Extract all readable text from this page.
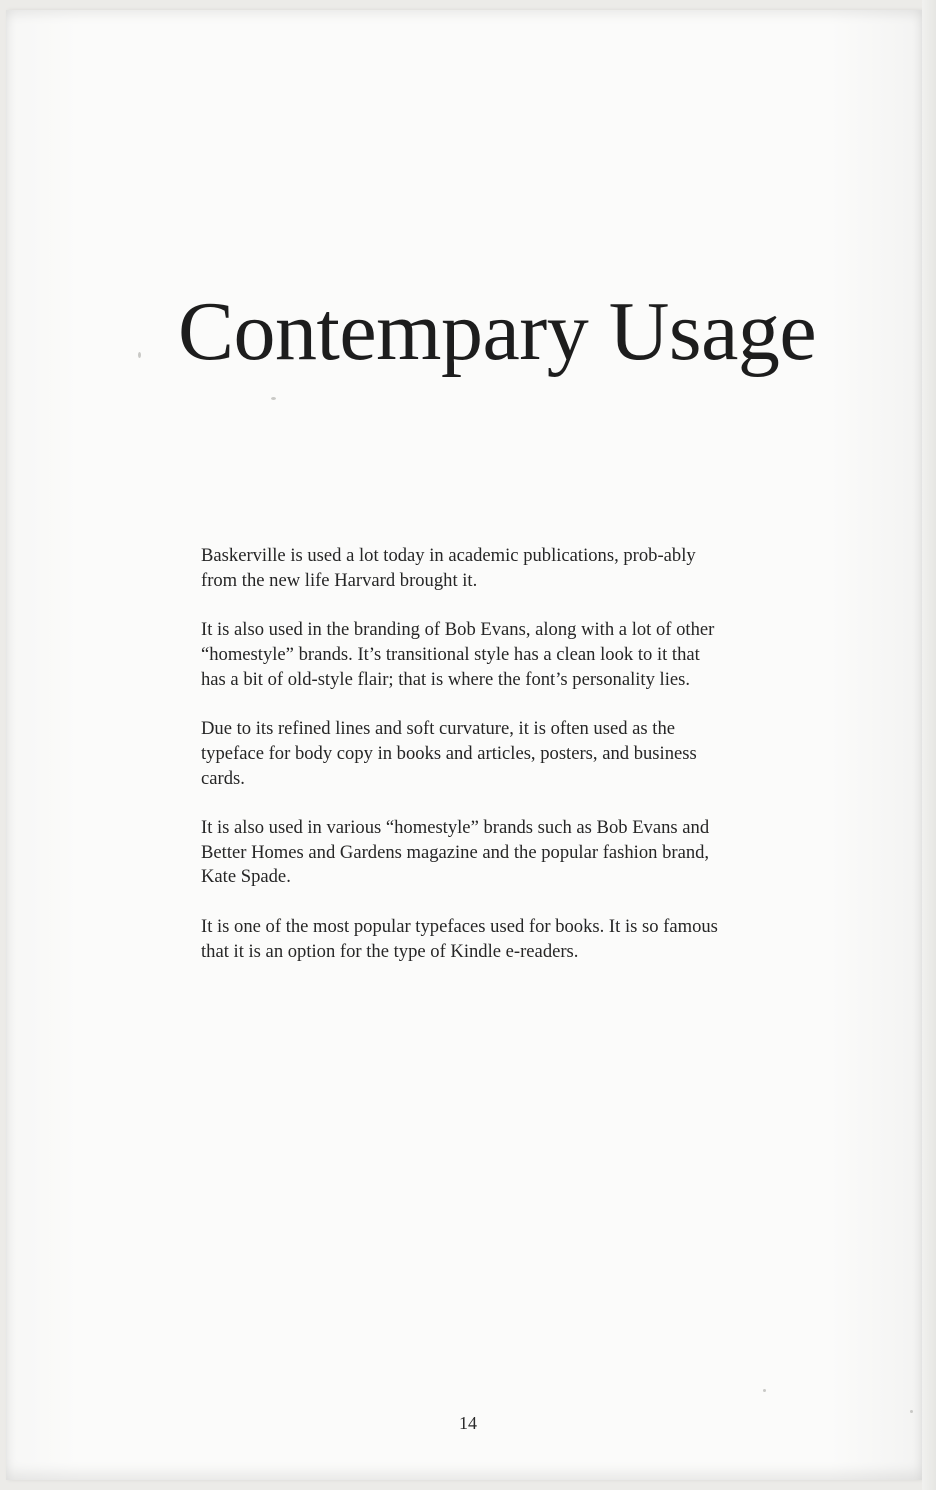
Contempary Usage

Baskerville is used a lot today in academic publications, prob-ably from the new life Harvard brought it.

It is also used in the branding of Bob Evans, along with a lot of other “homestyle” brands. It’s transitional style has a clean look to it that has a bit of old-style flair; that is where the font’s personality lies.

Due to its refined lines and soft curvature, it is often used as the typeface for body copy in books and articles, posters, and business cards.

It is also used in various “homestyle” brands such as Bob Evans and Better Homes and Gardens magazine and the popular fashion brand, Kate Spade.

It is one of the most popular typefaces used for books. It is so famous that it is an option for the type of Kindle e-readers.

14
